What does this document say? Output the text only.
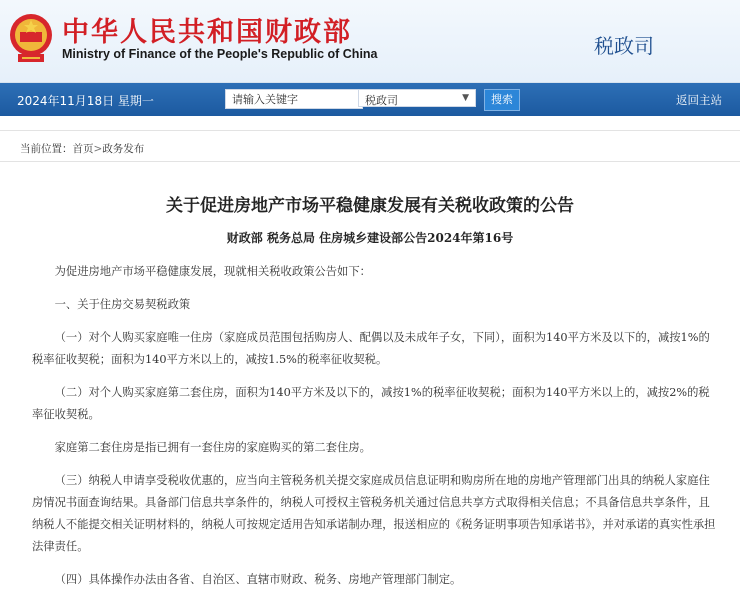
中华人民共和国财政部
Ministry of Finance of the People's Republic of China	税政司
2024年11月18日 星期一
请输入关键字	税政司	▼	搜索	返回主站
当前位置：首页>政务发布
关于促进房地产市场平稳健康发展有关税收政策的公告
财政部 税务总局 住房城乡建设部公告2024年第16号

为促进房地产市场平稳健康发展，现就相关税收政策公告如下：

一、关于住房交易契税政策

（一）对个人购买家庭唯一住房（家庭成员范围包括购房人、配偶以及未成年子女，下同），面积为140平方米及以下的，减按1%的税率征收契税；面积为140平方米以上的，减按1.5%的税率征收契税。

（二）对个人购买家庭第二套住房，面积为140平方米及以下的，减按1%的税率征收契税；面积为140平方米以上的，减按2%的税率征收契税。

家庭第二套住房是指已拥有一套住房的家庭购买的第二套住房。

（三）纳税人申请享受税收优惠的，应当向主管税务机关提交家庭成员信息证明和购房所在地的房地产管理部门出具的纳税人家庭住房情况书面查询结果。具备部门信息共享条件的，纳税人可授权主管税务机关通过信息共享方式取得相关信息；不具备信息共享条件，且纳税人不能提交相关证明材料的，纳税人可按规定适用告知承诺制办理，报送相应的《税务证明事项告知承诺书》，并对承诺的真实性承担法律责任。

（四）具体操作办法由各省、自治区、直辖市财政、税务、房地产管理部门制定。
